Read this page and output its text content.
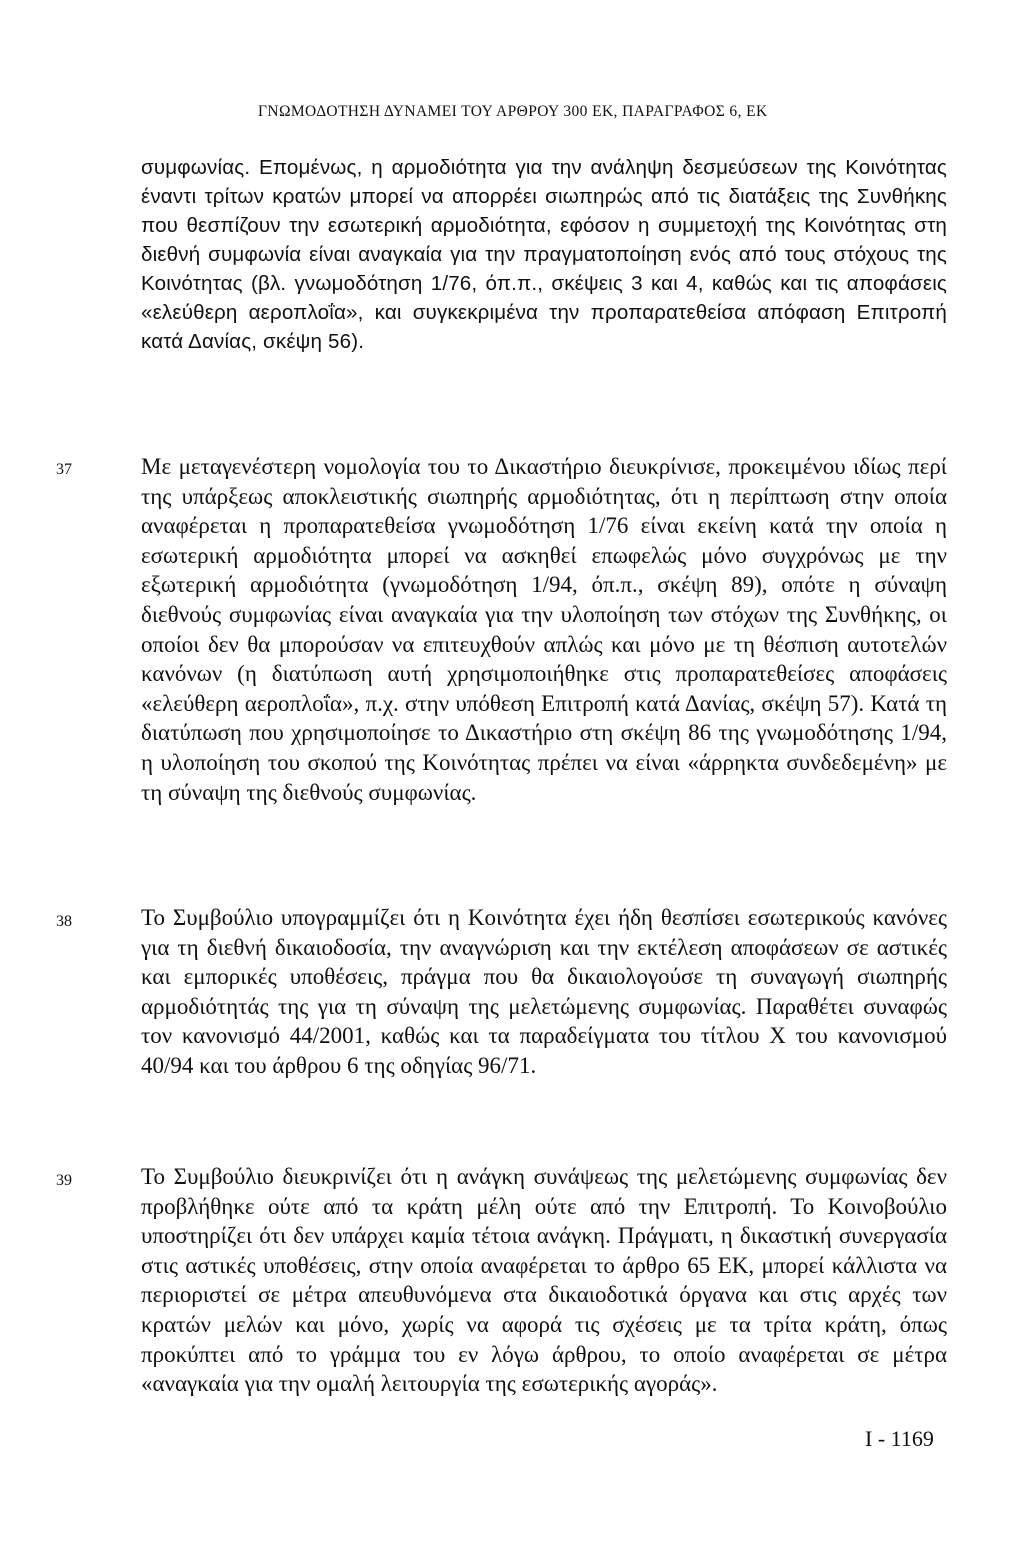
ΓΝΩΜΟΔΟΤΗΣΗ ΔΥΝΑΜΕΙ ΤΟΥ ΑΡΘΡΟΥ 300 ΕΚ, ΠΑΡΑΓΡΑΦΟΣ 6, ΕΚ

συμφωνίας. Επομένως, η αρμοδιότητα για την ανάληψη δεσμεύσεων της Κοινότητας έναντι τρίτων κρατών μπορεί να απορρέει σιωπηρώς από τις διατάξεις της Συνθήκης που θεσπίζουν την εσωτερική αρμοδιότητα, εφόσον η συμμετοχή της Κοινότητας στη διεθνή συμφωνία είναι αναγκαία για την πραγματοποίηση ενός από τους στόχους της Κοινότητας (βλ. γνωμοδότηση 1/76, όπ.π., σκέψεις 3 και 4, καθώς και τις αποφάσεις «ελεύθερη αεροπλοΐα», και συγκεκριμένα την προπαρατεθείσα απόφαση Επιτροπή κατά Δανίας, σκέψη 56).

37	Με μεταγενέστερη νομολογία του το Δικαστήριο διευκρίνισε, προκειμένου ιδίως περί της υπάρξεως αποκλειστικής σιωπηρής αρμοδιότητας, ότι η περίπτωση στην οποία αναφέρεται η προπαρατεθείσα γνωμοδότηση 1/76 είναι εκείνη κατά την οποία η εσωτερική αρμοδιότητα μπορεί να ασκηθεί επωφελώς μόνο συγχρόνως με την εξωτερική αρμοδιότητα (γνωμοδότηση 1/94, όπ.π., σκέψη 89), οπότε η σύναψη διεθνούς συμφωνίας είναι αναγκαία για την υλοποίηση των στόχων της Συνθήκης, οι οποίοι δεν θα μπορούσαν να επιτευχθούν απλώς και μόνο με τη θέσπιση αυτοτελών κανόνων (η διατύπωση αυτή χρησιμοποιήθηκε στις προπαρατεθείσες αποφάσεις «ελεύθερη αεροπλοΐα», π.χ. στην υπόθεση Επιτροπή κατά Δανίας, σκέψη 57). Κατά τη διατύπωση που χρησιμοποίησε το Δικαστήριο στη σκέψη 86 της γνωμοδότησης 1/94, η υλοποίηση του σκοπού της Κοινότητας πρέπει να είναι «άρρηκτα συνδεδεμένη» με τη σύναψη της διεθνούς συμφωνίας.

38	Το Συμβούλιο υπογραμμίζει ότι η Κοινότητα έχει ήδη θεσπίσει εσωτερικούς κανόνες για τη διεθνή δικαιοδοσία, την αναγνώριση και την εκτέλεση αποφάσεων σε αστικές και εμπορικές υποθέσεις, πράγμα που θα δικαιολογούσε τη συναγωγή σιωπηρής αρμοδιότητάς της για τη σύναψη της μελετώμενης συμφωνίας. Παραθέτει συναφώς τον κανονισμό 44/2001, καθώς και τα παραδείγματα του τίτλου X του κανονισμού 40/94 και του άρθρου 6 της οδηγίας 96/71.

39	Το Συμβούλιο διευκρινίζει ότι η ανάγκη συνάψεως της μελετώμενης συμφωνίας δεν προβλήθηκε ούτε από τα κράτη μέλη ούτε από την Επιτροπή. Το Κοινοβούλιο υποστηρίζει ότι δεν υπάρχει καμία τέτοια ανάγκη. Πράγματι, η δικαστική συνεργασία στις αστικές υποθέσεις, στην οποία αναφέρεται το άρθρο 65 ΕΚ, μπορεί κάλλιστα να περιοριστεί σε μέτρα απευθυνόμενα στα δικαιοδοτικά όργανα και στις αρχές των κρατών μελών και μόνο, χωρίς να αφορά τις σχέσεις με τα τρίτα κράτη, όπως προκύπτει από το γράμμα του εν λόγω άρθρου, το οποίο αναφέρεται σε μέτρα «αναγκαία για την ομαλή λειτουργία της εσωτερικής αγοράς».

I - 1169
